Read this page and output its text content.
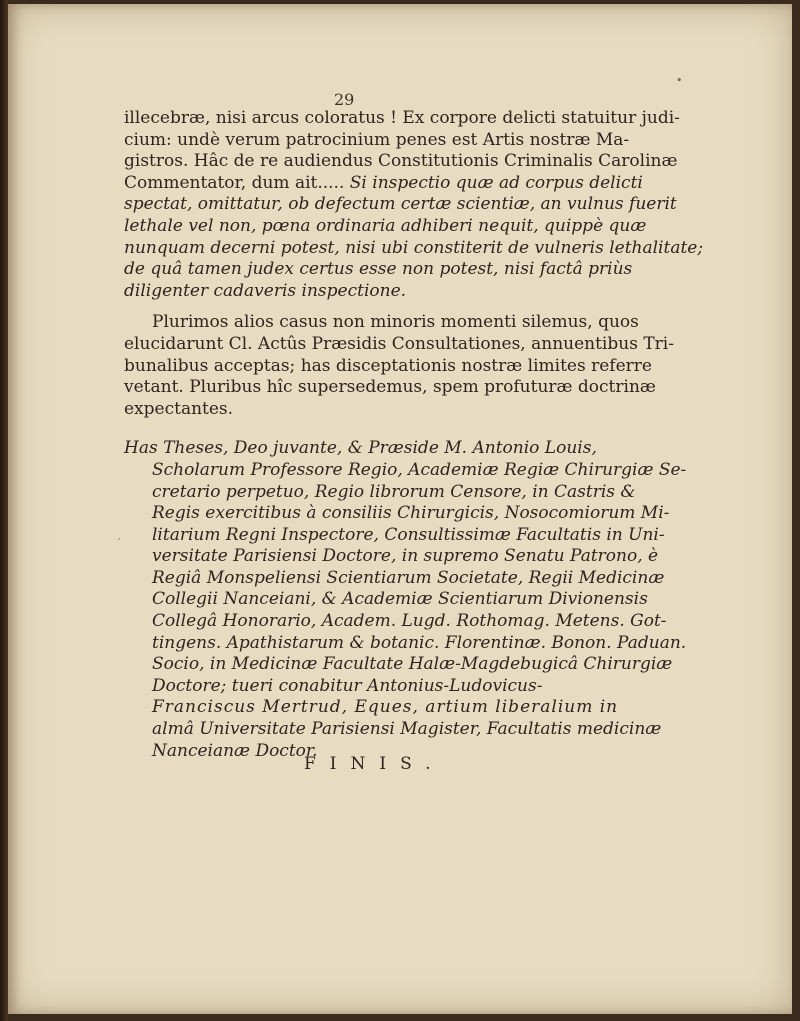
29
illecebræ, nisi arcus coloratus ! Ex corpore delicti statuitur judi-
cium: undè verum patrocinium penes est Artis nostræ Ma-
gistros. Hâc de re audiendus Constitutionis Criminalis Carolinæ
Commentator, dum ait..... Si inspectio quæ ad corpus delicti
spectat, omittatur, ob defectum certæ scientiæ, an vulnus fuerit
lethale vel non, pœna ordinaria adhiberi nequit, quippè quæ
nunquam decerni potest, nisi ubi constiterit de vulneris lethalitate;
de quâ tamen judex certus esse non potest, nisi factâ priùs
diligenter cadaveris inspectione.
Plurimos alios casus non minoris momenti silemus, quos
elucidarunt Cl. Actûs Præsidis Consultationes, annuentibus Tri-
bunalibus acceptas; has disceptationis nostræ limites referre
vetant. Pluribus hîc supersedemus, spem profuturæ doctrinæ
expectantes.
Has Theses, Deo juvante, & Præside M. Antonio Louis,
Scholarum Professore Regio, Academiæ Regiæ Chirurgiæ Se-
cretario perpetuo, Regio librorum Censore, in Castris &
Regis exercitibus à consiliis Chirurgicis, Nosocomiorum Mi-
litarium Regni Inspectore, Consultissimæ Facultatis in Uni-
versitate Parisiensi Doctore, in supremo Senatu Patrono, è
Regiâ Monspeliensi Scientiarum Societate, Regii Medicinæ
Collegii Nanceiani, & Academiæ Scientiarum Divionensis
Collegâ Honorario, Academ. Lugd. Rothomag. Metens. Got-
tingens. Apathistarum & botanic. Florentinæ. Bonon. Paduan.
Socio, in Medicinæ Facultate Halæ-Magdebugicâ Chirurgiæ
Doctore; tueri conabitur Antonius-Ludovicus-
Franciscus Mertrud, Eques, artium liberalium in
almâ Universitate Parisiensi Magister, Facultatis medicinæ
Nanceianæ Doctor.
FINIS.
•
′
